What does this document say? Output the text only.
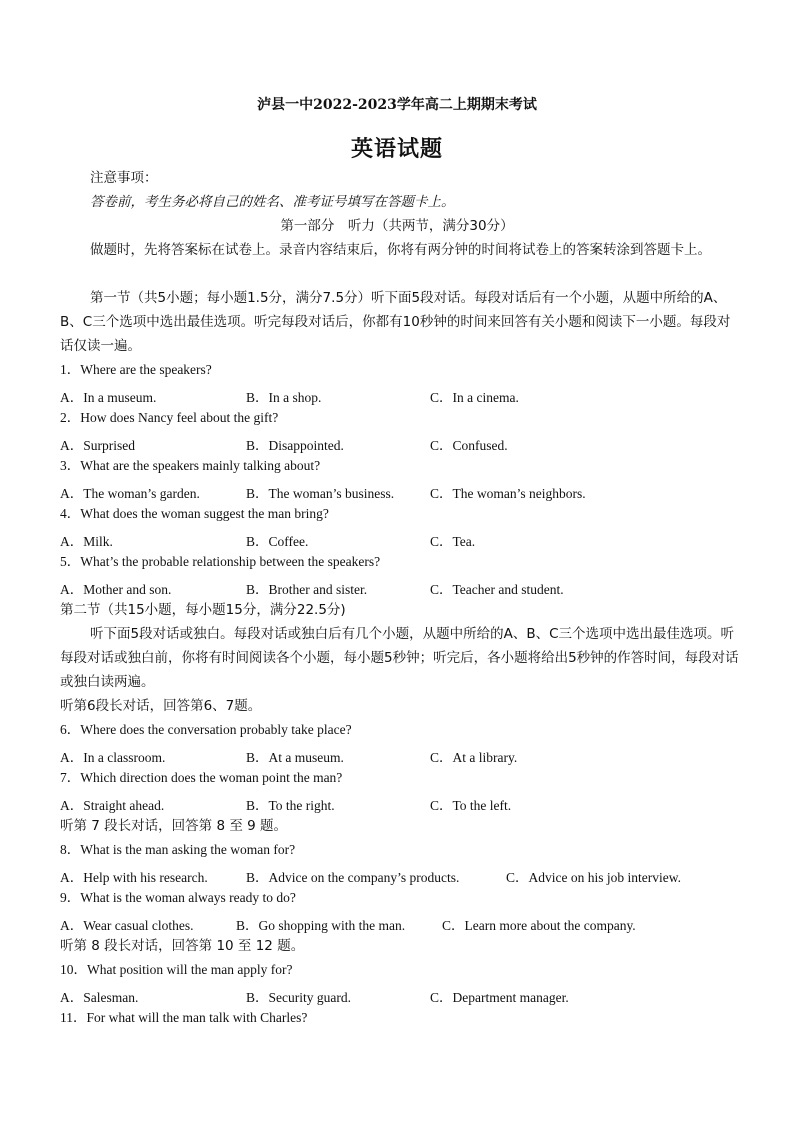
泸县一中2022-2023学年高二上期期末考试
英语试题
注意事项：
答卷前，考生务必将自己的姓名、准考证号填写在答题卡上。
第一部分　听力（共两节，满分30分）
做题时，先将答案标在试卷上。录音内容结束后，你将有两分钟的时间将试卷上的答案转涂到答题卡上。
第一节（共5小题；每小题1.5分，满分7.5分）听下面5段对话。每段对话后有一个小题，从题中所给的A、B、C三个选项中选出最佳选项。听完每段对话后，你都有10秒钟的时间来回答有关小题和阅读下一小题。每段对话仅读一遍。
1．Where are the speakers?
A．In a museum.	B．In a shop.	C．In a cinema.
2．How does Nancy feel about the gift?
A．Surprised	B．Disappointed.	C．Confused.
3．What are the speakers mainly talking about?
A．The woman’s garden.	B．The woman’s business.	C．The woman’s neighbors.
4．What does the woman suggest the man bring?
A．Milk.	B．Coffee.	C．Tea.
5．What’s the probable relationship between the speakers?
A．Mother and son.	B．Brother and sister.	C．Teacher and student.
第二节（共15小题，每小题15分，满分22.5分)
听下面5段对话或独白。每段对话或独白后有几个小题，从题中所给的A、B、C三个选项中选出最佳选项。听每段对话或独白前，你将有时间阅读各个小题，每小题5秒钟；听完后，各小题将给出5秒钟的作答时间，每段对话或独白读两遍。
听第6段长对话，回答第6、7题。
6．Where does the conversation probably take place?
A．In a classroom.	B．At a museum.	C．At a library.
7．Which direction does the woman point the man?
A．Straight ahead.	B．To the right.	C．To the left.
听第 7 段长对话，回答第 8 至 9 题。
8．What is the man asking the woman for?
A．Help with his research.	B．Advice on the company’s products.	C．Advice on his job interview.
9．What is the woman always ready to do?
A．Wear casual clothes.	B．Go shopping with the man.	C．Learn more about the company.
听第 8 段长对话，回答第 10 至 12 题。
10．What position will the man apply for?
A．Salesman.	B．Security guard.	C．Department manager.
11．For what will the man talk with Charles?
